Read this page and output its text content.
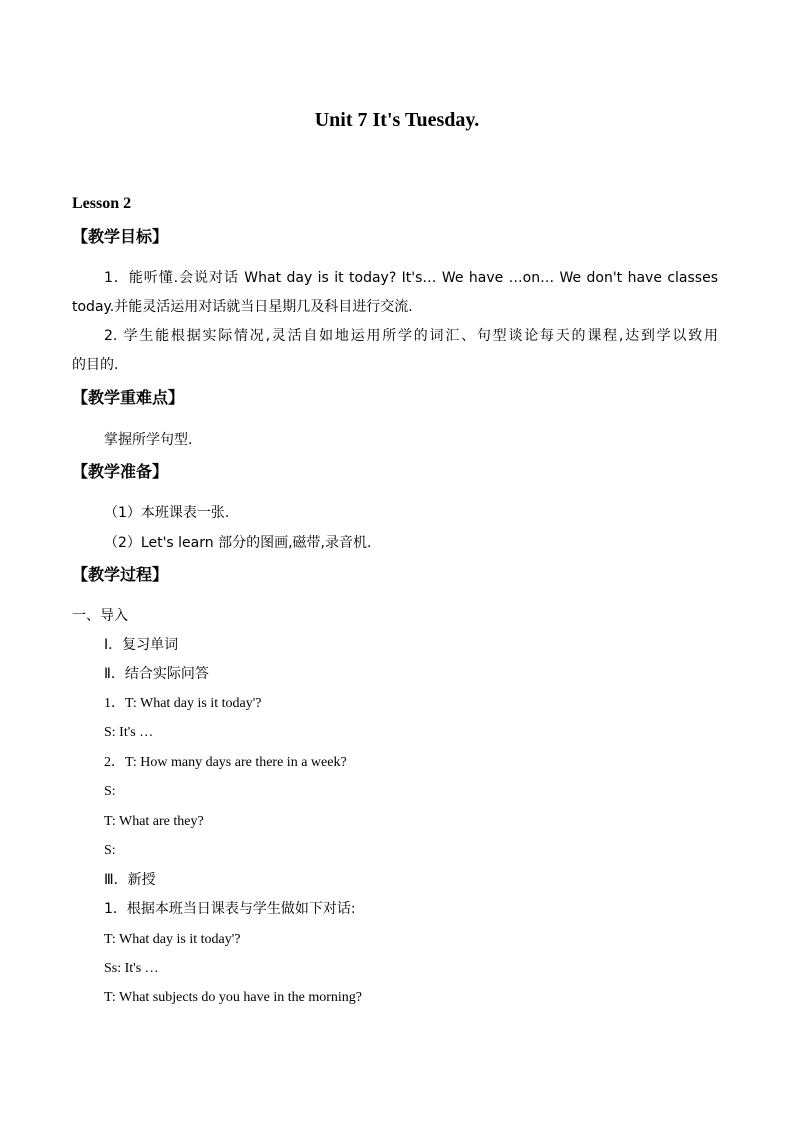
Unit 7 It's Tuesday.
Lesson 2
【教学目标】
1．能听懂.会说对话 What day is it today? It's… We have …on… We don't have classes
today.并能灵活运用对话就当日星期几及科目进行交流.
2. 学生能根据实际情况,灵活自如地运用所学的词汇、句型谈论每天的课程,达到学以致用
的目的.
【教学重难点】
掌握所学句型.
【教学准备】
（1）本班课表一张.
（2）Let's learn 部分的图画,磁带,录音机.
【教学过程】
一、导入
Ⅰ．复习单词
Ⅱ．结合实际问答
1．T: What day is it today'?
S: It's …
2．T: How many days are there in a week?
S:
T: What are they?
S:
Ⅲ．新授
1．根据本班当日课表与学生做如下对话:
T: What day is it today'?
Ss: It's …
T: What subjects do you have in the morning?
